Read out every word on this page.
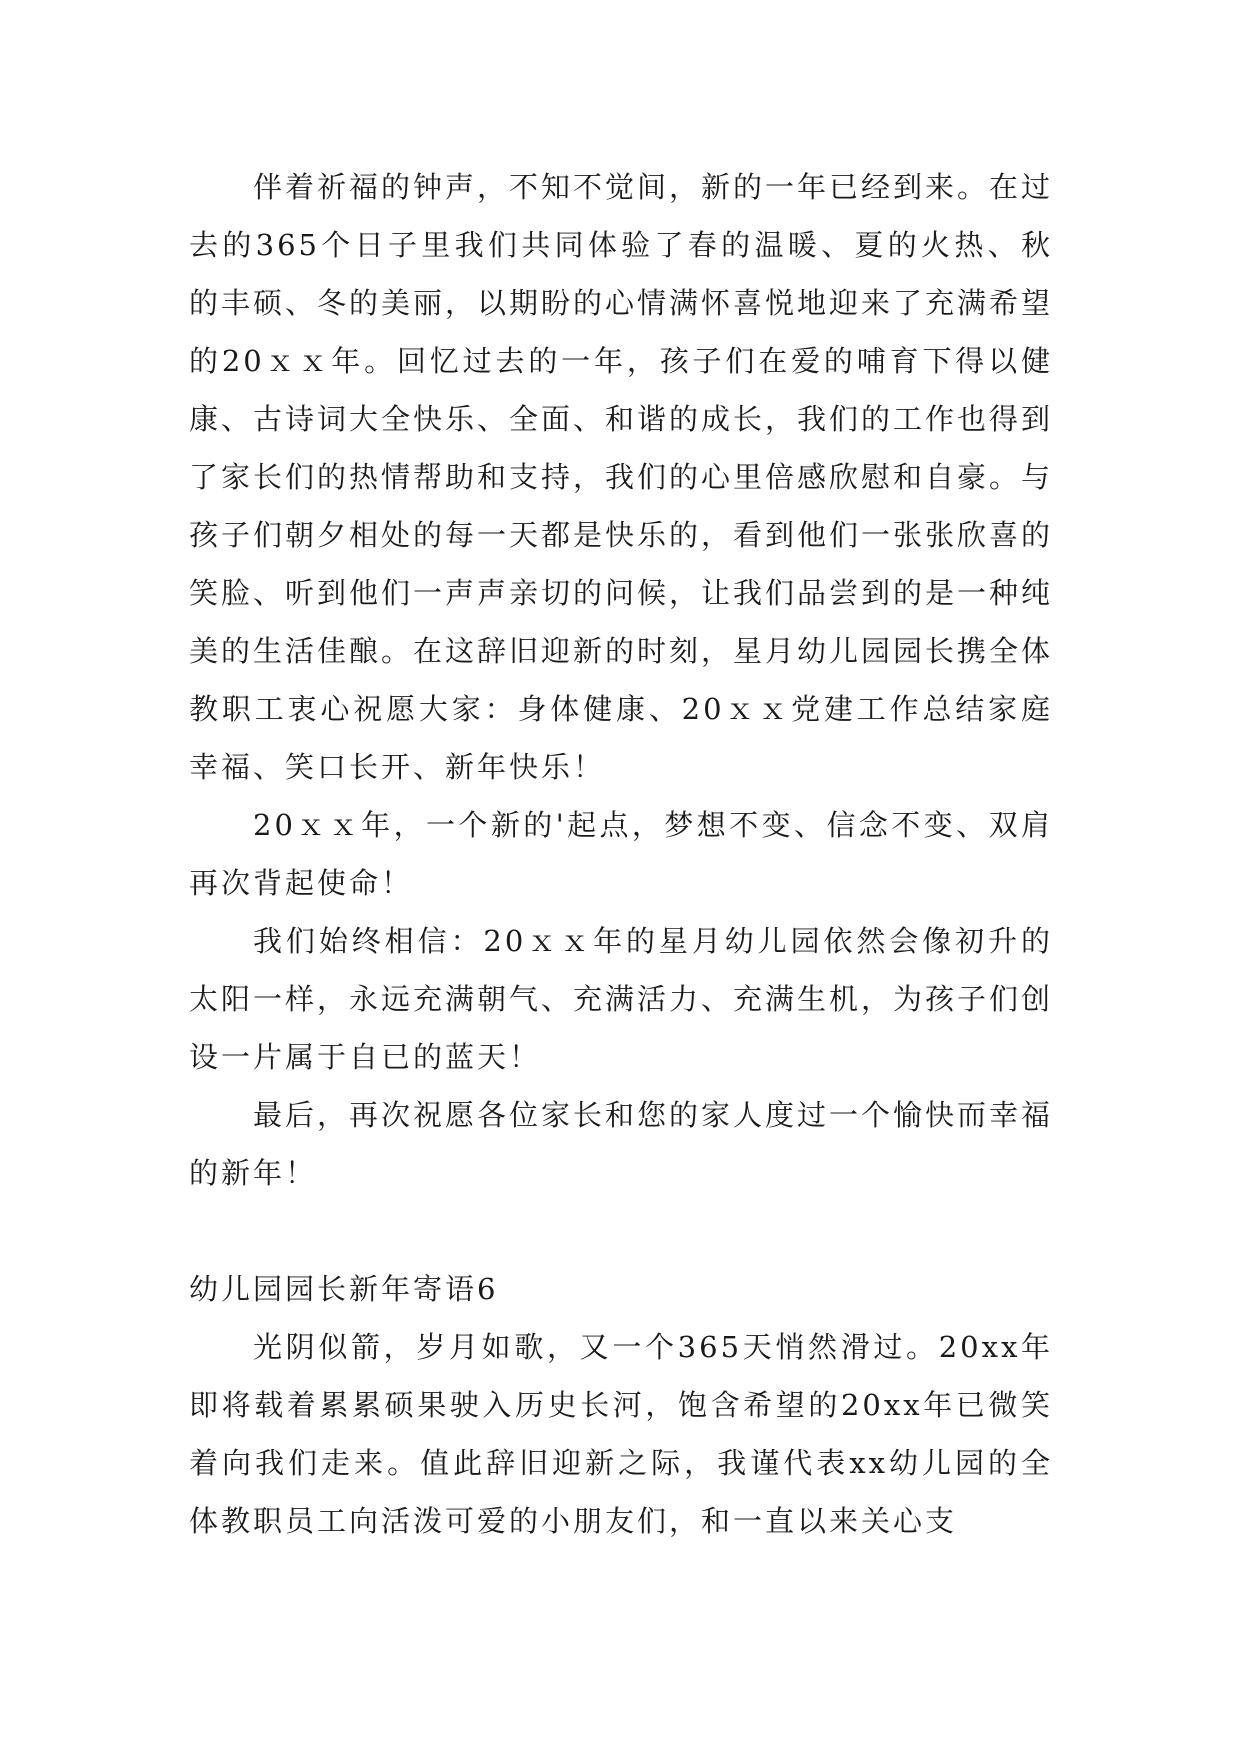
伴着祈福的钟声，不知不觉间，新的一年已经到来。在过去的365个日子里我们共同体验了春的温暖、夏的火热、秋的丰硕、冬的美丽，以期盼的心情满怀喜悦地迎来了充满希望的20ｘｘ年。回忆过去的一年，孩子们在爱的哺育下得以健康、古诗词大全快乐、全面、和谐的成长，我们的工作也得到了家长们的热情帮助和支持，我们的心里倍感欣慰和自豪。与孩子们朝夕相处的每一天都是快乐的，看到他们一张张欣喜的笑脸、听到他们一声声亲切的问候，让我们品尝到的是一种纯美的生活佳酿。在这辞旧迎新的时刻，星月幼儿园园长携全体教职工衷心祝愿大家：身体健康、20ｘｘ党建工作总结家庭幸福、笑口长开、新年快乐！

20ｘｘ年，一个新的'起点，梦想不变、信念不变、双肩再次背起使命！

我们始终相信：20ｘｘ年的星月幼儿园依然会像初升的太阳一样，永远充满朝气、充满活力、充满生机，为孩子们创设一片属于自已的蓝天！

最后，再次祝愿各位家长和您的家人度过一个愉快而幸福的新年！

幼儿园园长新年寄语6

光阴似箭，岁月如歌，又一个365天悄然滑过。20xx年即将载着累累硕果驶入历史长河，饱含希望的20xx年已微笑着向我们走来。值此辞旧迎新之际，我谨代表xx幼儿园的全体教职员工向活泼可爱的小朋友们，和一直以来关心支
